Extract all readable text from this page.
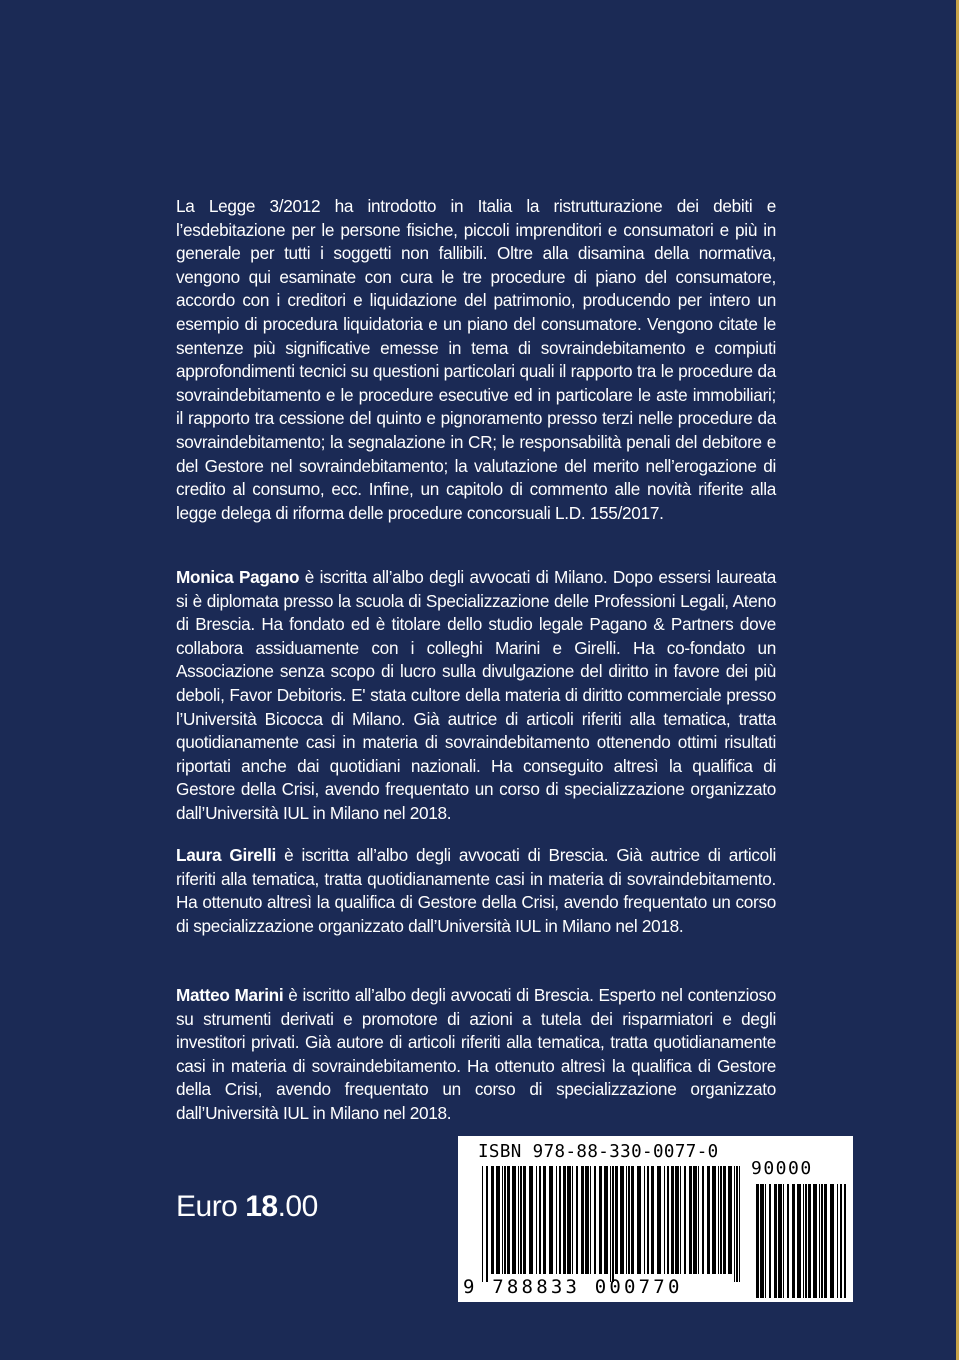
La Legge 3/2012 ha introdotto in Italia la ristrutturazione dei debiti e l’esdebitazione per le persone fisiche, piccoli imprenditori e consumatori e più in generale per tutti i soggetti non fallibili. Oltre alla disamina della normativa, vengono qui esaminate con cura le tre procedure di piano del consumatore, accordo con i creditori e liquidazione del patrimonio, producendo per intero un esempio di procedura liquidatoria e un piano del consumatore. Vengono citate le sentenze più significative emesse in tema di sovraindebitamento e compiuti approfondimenti tecnici su questioni particolari quali il rapporto tra le procedure da sovraindebitamento e le procedure esecutive ed in particolare le aste immobiliari; il rapporto tra cessione del quinto e pignoramento presso terzi nelle procedure da sovraindebitamento; la segnalazione in CR; le responsabilità penali del debitore e del Gestore nel sovraindebitamento; la valutazione del merito nell’erogazione di credito al consumo, ecc. Infine, un capitolo di commento alle novità riferite alla legge delega di riforma delle procedure concorsuali L.D. 155/2017.

Monica Pagano è iscritta all’albo degli avvocati di Milano. Dopo essersi laureata si è diplomata presso la scuola di Specializzazione delle Professioni Legali, Ateno di Brescia. Ha fondato ed è titolare dello studio legale Pagano & Partners dove collabora assiduamente con i colleghi Marini e Girelli. Ha co-fondato un Associazione senza scopo di lucro sulla divulgazione del diritto in favore dei più deboli, Favor Debitoris. E' stata cultore della materia di diritto commerciale presso l’Università Bicocca di Milano. Già autrice di articoli riferiti alla tematica, tratta quotidianamente casi in materia di sovraindebitamento ottenendo ottimi risultati riportati anche dai quotidiani nazionali. Ha conseguito altresì la qualifica di Gestore della Crisi, avendo frequentato un corso di specializzazione organizzato dall’Università IUL in Milano nel 2018.

Laura Girelli è iscritta all’albo degli avvocati di Brescia. Già autrice di articoli riferiti alla tematica, tratta quotidianamente casi in materia di sovraindebitamento. Ha ottenuto altresì la qualifica di Gestore della Crisi, avendo frequentato un corso di specializzazione organizzato dall’Università IUL in Milano nel 2018.

Matteo Marini è iscritto all’albo degli avvocati di Brescia. Esperto nel contenzioso su strumenti derivati e promotore di azioni a tutela dei risparmiatori e degli investitori privati. Già autore di articoli riferiti alla tematica, tratta quotidianamente casi in materia di sovraindebitamento. Ha ottenuto altresì la qualifica di Gestore della Crisi, avendo frequentato un corso di specializzazione organizzato dall’Università IUL in Milano nel 2018.

Euro 18.00
ISBN 978-88-330-0077-0
90000
9 788833 000770
